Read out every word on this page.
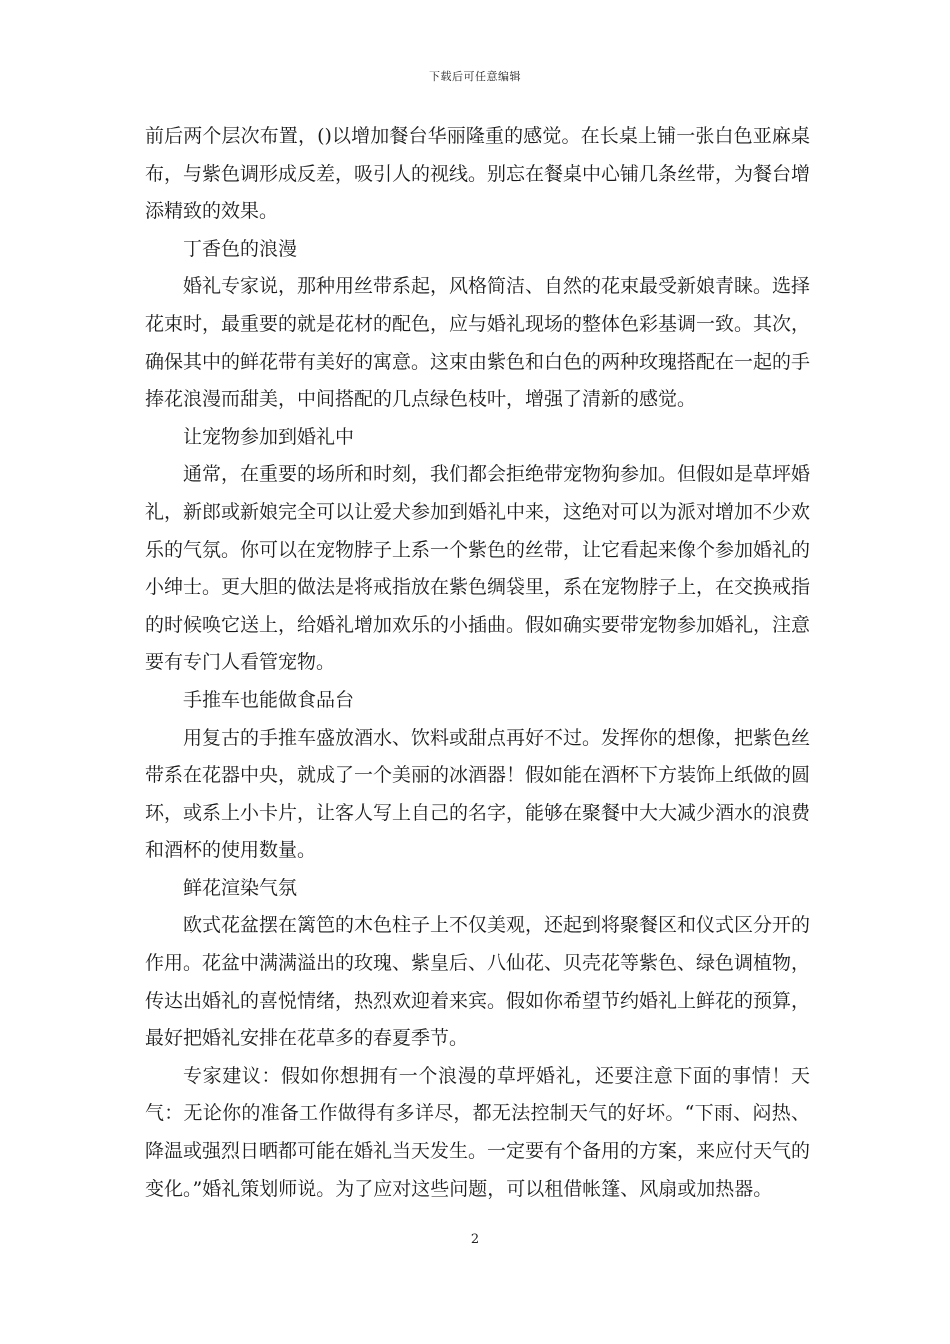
下载后可任意编辑

前后两个层次布置，()以增加餐台华丽隆重的感觉。在长桌上铺一张白色亚麻桌布，与紫色调形成反差，吸引人的视线。别忘在餐桌中心铺几条丝带，为餐台增添精致的效果。

丁香色的浪漫

婚礼专家说，那种用丝带系起，风格简洁、自然的花束最受新娘青睐。选择花束时，最重要的就是花材的配色，应与婚礼现场的整体色彩基调一致。其次，确保其中的鲜花带有美好的寓意。这束由紫色和白色的两种玫瑰搭配在一起的手捧花浪漫而甜美，中间搭配的几点绿色枝叶，增强了清新的感觉。

让宠物参加到婚礼中

通常，在重要的场所和时刻，我们都会拒绝带宠物狗参加。但假如是草坪婚礼，新郎或新娘完全可以让爱犬参加到婚礼中来，这绝对可以为派对增加不少欢乐的气氛。你可以在宠物脖子上系一个紫色的丝带，让它看起来像个参加婚礼的小绅士。更大胆的做法是将戒指放在紫色绸袋里，系在宠物脖子上，在交换戒指的时候唤它送上，给婚礼增加欢乐的小插曲。假如确实要带宠物参加婚礼，注意要有专门人看管宠物。

手推车也能做食品台

用复古的手推车盛放酒水、饮料或甜点再好不过。发挥你的想像，把紫色丝带系在花器中央，就成了一个美丽的冰酒器！假如能在酒杯下方装饰上纸做的圆环，或系上小卡片，让客人写上自己的名字，能够在聚餐中大大减少酒水的浪费和酒杯的使用数量。

鲜花渲染气氛

欧式花盆摆在篱笆的木色柱子上不仅美观，还起到将聚餐区和仪式区分开的作用。花盆中满满溢出的玫瑰、紫皇后、八仙花、贝壳花等紫色、绿色调植物，传达出婚礼的喜悦情绪，热烈欢迎着来宾。假如你希望节约婚礼上鲜花的预算，最好把婚礼安排在花草多的春夏季节。

专家建议：假如你想拥有一个浪漫的草坪婚礼，还要注意下面的事情！天气：无论你的准备工作做得有多详尽，都无法控制天气的好坏。“下雨、闷热、降温或强烈日晒都可能在婚礼当天发生。一定要有个备用的方案，来应付天气的变化。”婚礼策划师说。为了应对这些问题，可以租借帐篷、风扇或加热器。

2
